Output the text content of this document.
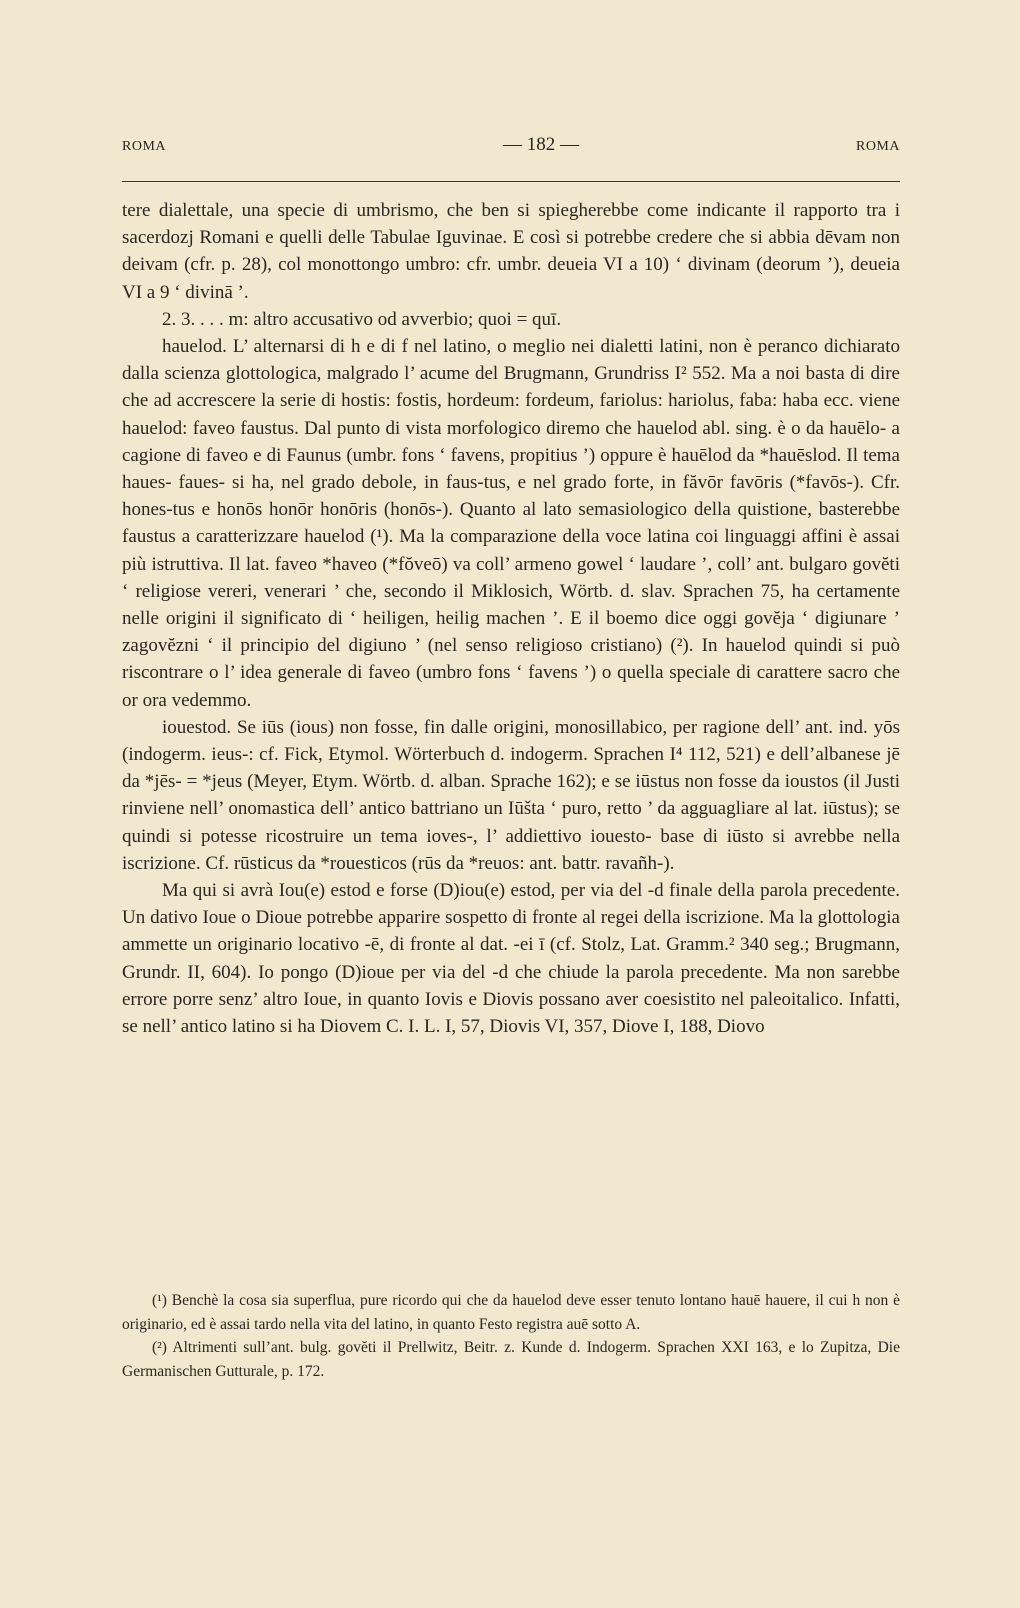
ROMA	— 182 —	ROMA

tere dialettale, una specie di umbrismo, che ben si spiegherebbe come indicante il rapporto tra i sacerdozj Romani e quelli delle Tabulae Iguvinae. E così si potrebbe credere che si abbia dēvam non deivam (cfr. p. 28), col monottongo umbro: cfr. umbr. deueia VI a 10) ‘ divinam (deorum ’), deueia VI a 9 ‘ divinā ’.

2. 3. . . . m: altro accusativo od avverbio; quoi = quī.

hauelod. L’ alternarsi di h e di f nel latino, o meglio nei dialetti latini, non è peranco dichiarato dalla scienza glottologica, malgrado l’ acume del Brugmann, Grundriss I² 552. Ma a noi basta di dire che ad accrescere la serie di hostis: fostis, hordeum: fordeum, fariolus: hariolus, faba: haba ecc. viene hauelod: faveo faustus. Dal punto di vista morfologico diremo che hauelod abl. sing. è o da hauēlo- a cagione di faveo e di Faunus (umbr. fons ‘ favens, propitius ’) oppure è hauēlod da *hauēslod. Il tema haues- faues- si ha, nel grado debole, in faus-tus, e nel grado forte, in făvōr favōris (*favōs-). Cfr. hones-tus e honōs honōr honōris (honōs-). Quanto al lato semasiologico della quistione, basterebbe faustus a caratterizzare hauelod (¹). Ma la comparazione della voce latina coi linguaggi affini è assai più istruttiva. Il lat. faveo *haveo (*fŏveō) va coll’ armeno gowel ‘ laudare ’, coll’ ant. bulgaro govĕti ‘ religiose vereri, venerari ’ che, secondo il Miklosich, Wörtb. d. slav. Sprachen 75, ha certamente nelle origini il significato di ‘ heiligen, heilig machen ’. E il boemo dice oggi govĕja ‘ digiunare ’ zagovĕzni ‘ il principio del digiuno ’ (nel senso religioso cristiano) (²). In hauelod quindi si può riscontrare o l’ idea generale di faveo (umbro fons ‘ favens ’) o quella speciale di carattere sacro che or ora vedemmo.

iouestod. Se iūs (ious) non fosse, fin dalle origini, monosillabico, per ragione dell’ ant. ind. yōs (indogerm. ieus-: cf. Fick, Etymol. Wörterbuch d. indogerm. Sprachen I⁴ 112, 521) e dell’albanese jē da *jēs- = *jeus (Meyer, Etym. Wörtb. d. alban. Sprache 162); e se iūstus non fosse da ioustos (il Justi rinviene nell’ onomastica dell’ antico battriano un Iūšta ‘ puro, retto ’ da agguagliare al lat. iūstus); se quindi si potesse ricostruire un tema ioves-, l’ addiettivo iouesto- base di iūsto si avrebbe nella iscrizione. Cf. rūsticus da *rouesticos (rūs da *reuos: ant. battr. ravañh-).

Ma qui si avrà Iou(e) estod e forse (D)iou(e) estod, per via del -d finale della parola precedente. Un dativo Ioue o Dioue potrebbe apparire sospetto di fronte al regei della iscrizione. Ma la glottologia ammette un originario locativo -ē, di fronte al dat. -ei ī (cf. Stolz, Lat. Gramm.² 340 seg.; Brugmann, Grundr. II, 604). Io pongo (D)ioue per via del -d che chiude la parola precedente. Ma non sarebbe errore porre senz’ altro Ioue, in quanto Iovis e Diovis possano aver coesistito nel paleoitalico. Infatti, se nell’ antico latino si ha Diovem C. I. L. I, 57, Diovis VI, 357, Diove I, 188, Diovo

(¹) Benchè la cosa sia superflua, pure ricordo qui che da hauelod deve esser tenuto lontano hauē hauere, il cui h non è originario, ed è assai tardo nella vita del latino, in quanto Festo registra auē sotto A.

(²) Altrimenti sull’ant. bulg. govĕti il Prellwitz, Beitr. z. Kunde d. Indogerm. Sprachen XXI 163, e lo Zupitza, Die Germanischen Gutturale, p. 172.
